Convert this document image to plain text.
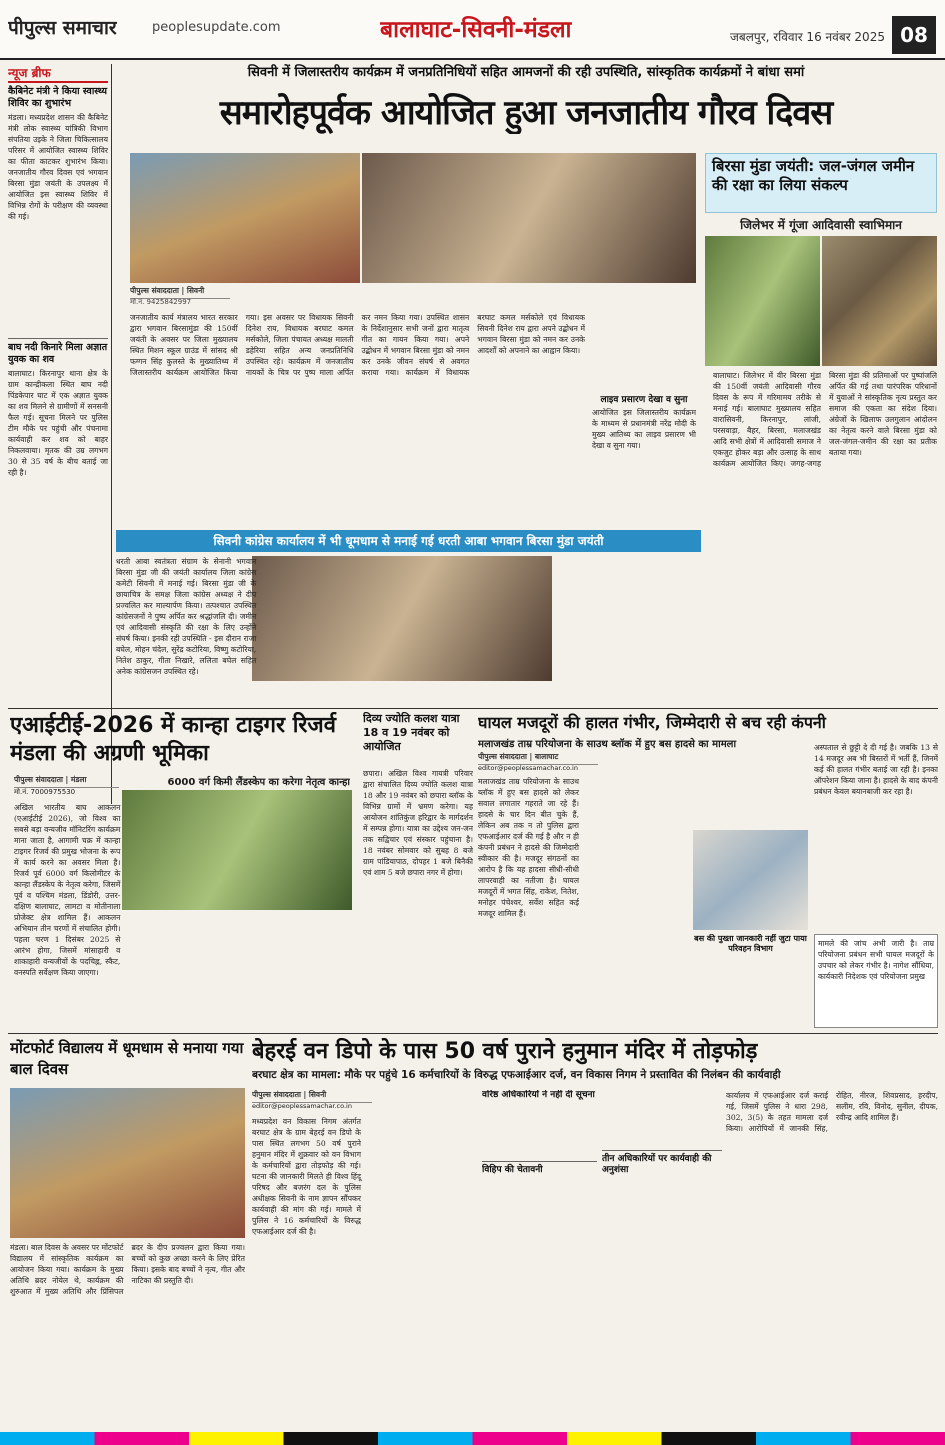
पीपुल्स समाचार	peoplesupdate.com	बालाघाट-सिवनी-मंडला	जबलपुर, रविवार 16 नवंबर 2025 08
न्यूज ब्रीफ
कैबिनेट मंत्री ने किया स्वास्थ्य शिविर का शुभारंभ
मंडला। मध्यप्रदेश शासन की कैबिनेट मंत्री लोक स्वास्थ्य यांत्रिकी विभाग संपतिया उइके ने जिला चिकित्सालय परिसर में आयोजित स्वास्थ्य शिविर का फीता काटकर शुभारंभ किया। जनजातीय गौरव दिवस एवं भगवान बिरसा मुंडा जयंती के उपलक्ष्य में आयोजित इस स्वास्थ्य शिविर में विभिन्न रोगों के परीक्षण की व्यवस्था की गई।
बाघ नदी किनारे मिला अज्ञात युवक का शव
बालाघाट। किरनापुर थाना क्षेत्र के ग्राम कान्द्रीकला स्थित बाघ नदी पिंडकेपार घाट में एक अज्ञात युवक का शव मिलने से ग्रामीणों में सनसनी फैल गई। सूचना मिलने पर पुलिस टीम मौके पर पहुंची और पंचनामा कार्यवाही कर शव को बाहर निकलवाया। मृतक की उम्र लगभग 30 से 35 वर्ष के बीच बताई जा रही है।
सिवनी में जिलास्तरीय कार्यक्रम में जनप्रतिनिधियों सहित आमजनों की रही उपस्थिति, सांस्कृतिक कार्यक्रमों ने बांधा समां
समारोहपूर्वक आयोजित हुआ जनजातीय गौरव दिवस
पीपुल्स संवाददाता | सिवनी
मो.नं. 9425842997
जनजातीय कार्य मंत्रालय भारत सरकार द्वारा भगवान बिरसामुंडा की 150वीं जयंती के अवसर पर जिला मुख्यालय स्थित मिशन स्कूल ग्राउंड में सांसद श्री फग्गन सिंह कुलस्ते के मुख्यातिथ्य में जिलास्तरीय कार्यक्रम आयोजित किया गया। इस अवसर पर विधायक सिवनी दिनेश राय, विधायक बरघाट कमल मर्सकोले, जिला पंचायत अध्यक्ष मालती डहेरिया सहित अन्य जनप्रतिनिधि उपस्थित रहे। कार्यक्रम में जनजातीय नायकों के चित्र पर पुष्प माला अर्पित कर नमन किया गया। उपस्थित शासन के निर्देशानुसार सभी जनों द्वारा मातृत्व गीत का गायन किया गया। अपने उद्बोधन में भगवान बिरसा मुंडा को नमन कर उनके जीवन संघर्ष से अवगत कराया गया। कार्यक्रम में विधायक बरघाट कमल मर्सकोले एवं विधायक सिवनी दिनेश राय द्वारा अपने उद्बोधन में भगवान बिरसा मुंडा को नमन कर उनके आदर्शों को अपनाने का आह्वान किया।
लाइव प्रसारण देखा व सुना
आयोजित इस जिलास्तरीय कार्यक्रम के माध्यम से प्रधानमंत्री नरेंद्र मोदी के मुख्य आतिथ्य का लाइव प्रसारण भी देखा व सुना गया।
बिरसा मुंडा जयंती: जल-जंगल जमीन की रक्षा का लिया संकल्प
जिलेभर में गूंजा आदिवासी स्वाभिमान
बालाघाट। जिलेभर में वीर बिरसा मुंडा की 150वीं जयंती आदिवासी गौरव दिवस के रूप में गरिमामय तरीके से मनाई गई। बालाघाट मुख्यालय सहित वारासिवनी, किरनापुर, लांजी, परसवाड़ा, बैहर, बिरसा, मलाजखंड आदि सभी क्षेत्रों में आदिवासी समाज ने एकजुट होकर बड़ा और उत्साह के साथ कार्यक्रम आयोजित किए। जगह-जगह बिरसा मुंडा की प्रतिमाओं पर पुष्पांजलि अर्पित की गई तथा पारंपरिक परिधानों में युवाओं ने सांस्कृतिक नृत्य प्रस्तुत कर समाज की एकता का संदेश दिया। अंग्रेजों के खिलाफ उलगुलान आंदोलन का नेतृत्व करने वाले बिरसा मुंडा को जल-जंगल-जमीन की रक्षा का प्रतीक बताया गया।
सिवनी कांग्रेस कार्यालय में भी धूमधाम से मनाई गई धरती आबा भगवान बिरसा मुंडा जयंती
धरती आबा स्वतंत्रता संग्राम के सेनानी भगवान बिरसा मुंडा जी की जयंती कार्यालय जिला कांग्रेस कमेटी सिवनी में मनाई गई। बिरसा मुंडा जी के छायाचित्र के समक्ष जिला कांग्रेस अध्यक्ष ने दीप प्रज्वलित कर माल्यार्पण किया। तत्पश्चात उपस्थित कांग्रेसजनों ने पुष्प अर्पित कर श्रद्धांजलि दी। जमीन एवं आदिवासी संस्कृति की रक्षा के लिए उन्होंने संघर्ष किया। इनकी रही उपस्थिति - इस दौरान राजा बघेल, मोहन चंदेल, सुरेंद्र कटोरिया, विष्णु कटोरिया, नितेश ठाकुर, गीता निखारे, ललिता बघेल सहित अनेक कांग्रेसजन उपस्थित रहे।
एआईटीई-2026 में कान्हा टाइगर रिजर्व मंडला की अग्रणी भूमिका
पीपुल्स संवाददाता | मंडला
मो.नं. 7000975530
6000 वर्ग किमी लैंडस्केप का करेगा नेतृत्व कान्हा
अखिल भारतीय बाघ आकलन (एआईटीई 2026), जो विश्व का सबसे बड़ा वन्यजीव मॉनिटरिंग कार्यक्रम माना जाता है, आगामी चक्र में कान्हा टाइगर रिजर्व की प्रमुख भोजना के रूप में कार्य करने का अवसर मिला है। रिजर्व पूर्व 6000 वर्ग किलोमीटर के कान्हा लैंडस्केप के नेतृत्व करेगा, जिसमें पूर्व व पश्चिम मंडला, डिंडोरी, उत्तर-दक्षिण बालाघाट, लामटा व मोतीनाला प्रोजेक्ट क्षेत्र शामिल हैं। आकलन अभियान तीन चरणों में संचालित होगी। पहला चरण 1 दिसंबर 2025 से आरंभ होगा, जिसमें मांसाहारी व शाकाहारी वन्यजीवों के पदचिह्न, स्कैट, वनस्पति सर्वेक्षण किया जाएगा।
दिव्य ज्योति कलश यात्रा 18 व 19 नवंबर को आयोजित
छपारा। अखिल विश्व गायत्री परिवार द्वारा संचालित दिव्य ज्योति कलश यात्रा 18 और 19 नवंबर को छपारा ब्लॉक के विभिन्न ग्रामों में भ्रमण करेगा। यह आयोजन शांतिकुंज हरिद्वार के मार्गदर्शन में सम्पन्न होगा। यात्रा का उद्देश्य जन-जन तक सद्विचार एवं संस्कार पहुंचाना है। 18 नवंबर सोमवार को सुबह 8 बजे ग्राम पांडियापाठ, दोपहर 1 बजे बिनैकी एवं शाम 5 बजे छपारा नगर में होगा।
घायल मजदूरों की हालत गंभीर, जिम्मेदारी से बच रही कंपनी
मलाजखंड ताम्र परियोजना के साउथ ब्लॉक में हुए बस हादसे का मामला
पीपुल्स संवाददाता | बालाघाट
editor@peoplessamachar.co.in
मलाजखंड ताम्र परियोजना के साउथ ब्लॉक में हुए बस हादसे को लेकर सवाल लगातार गहराते जा रहे हैं। हादसे के चार दिन बीत चुके हैं, लेकिन अब तक न तो पुलिस द्वारा एफआईआर दर्ज की गई है और न ही कंपनी प्रबंधन ने हादसे की जिम्मेदारी स्वीकार की है। मजदूर संगठनों का आरोप है कि यह हादसा सीधी-सीधी लापरवाही का नतीजा है। घायल मजदूरों में भगत सिंह, राकेश, नितेश, मनोहर पंचेश्वर, सर्वेश सहित कई मजदूर शामिल हैं।
बस की पुख्ता जानकारी नहीं जुटा पाया परिवहन विभाग
अस्पताल से छुट्टी दे दी गई है। जबकि 13 से 14 मजदूर अब भी बिस्तरों में भर्ती हैं, जिनमें कई की हालत गंभीर बताई जा रही है। इनका ऑपरेशन किया जाना है। हादसे के बाद कंपनी प्रबंधन केवल बयानबाजी कर रहा है।
मामले की जांच अभी जारी है। ताम्र परियोजना प्रबंधन सभी घायल मजदूरों के उपचार को लेकर गंभीर है। नागेश सौंधिया, कार्यकारी निदेशक एवं परियोजना प्रमुख
मोंटफोर्ट विद्यालय में धूमधाम से मनाया गया बाल दिवस
मंडला। बाल दिवस के अवसर पर मोंटफोर्ट विद्यालय में सांस्कृतिक कार्यक्रम का आयोजन किया गया। कार्यक्रम के मुख्य अतिथि ब्रदर नोयेल थे, कार्यक्रम की शुरुआत में मुख्य अतिथि और प्रिंसिपल ब्रदर के दीप प्रज्वलन द्वारा किया गया। बच्चों को कुछ अच्छा करने के लिए प्रेरित किया। इसके बाद बच्चों ने नृत्य, गीत और नाटिका की प्रस्तुति दी।
बेहरई वन डिपो के पास 50 वर्ष पुराने हनुमान मंदिर में तोड़फोड़
बरघाट क्षेत्र का मामला: मौके पर पहुंचे 16 कर्मचारियों के विरुद्ध एफआईआर दर्ज, वन विकास निगम ने प्रस्तावित की निलंबन की कार्यवाही
पीपुल्स संवाददाता | सिवनी
editor@peoplessamachar.co.in
मध्यप्रदेश वन विकास निगम अंतर्गत बरघाट क्षेत्र के ग्राम बेहरई वन डिपो के पास स्थित लगभग 50 वर्ष पुराने हनुमान मंदिर में शुक्रवार को वन विभाग के कर्मचारियों द्वारा तोड़फोड़ की गई। घटना की जानकारी मिलते ही विश्व हिंदू परिषद और बजरंग दल के पुलिस अधीक्षक सिवनी के नाम ज्ञापन सौंपकर कार्यवाही की मांग की गई। मामले में पुलिस ने 16 कर्मचारियों के विरुद्ध एफआईआर दर्ज की है।
वरिष्ठ अधिकारियों ने नहीं दी सूचना
विहिप की चेतावनी
तीन अधिकारियों पर कार्यवाही की अनुशंसा
कार्यालय में एफआईआर दर्ज कराई गई, जिसमें पुलिस ने धारा 298, 302, 3(5) के तहत मामला दर्ज किया। आरोपियों में जानकी सिंह, रोहित, नीरज, शिवप्रसाद, हरदीप, सलीम, रवि, विनोद, सुनील, दीपक, रवीन्द्र आदि शामिल हैं।
